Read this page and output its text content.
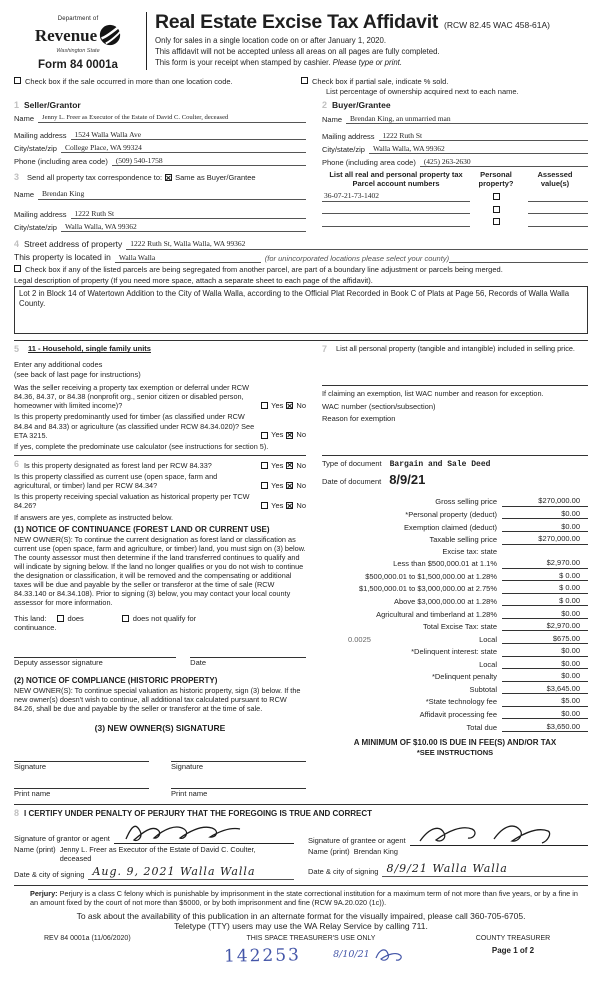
Department of
Revenue
Washington State
Form 84 0001a
Real Estate Excise Tax Affidavit (RCW 82.45 WAC 458-61A)
Only for sales in a single location code on or after January 1, 2020.
This affidavit will not be accepted unless all areas on all pages are fully completed.
This form is your receipt when stamped by cashier. Please type or print.
Check box if the sale occurred in more than one location code.	Check box if partial sale, indicate % sold.
List percentage of ownership acquired next to each name.
1 Seller/Grantor
Name	Jenny L. Freer as Executor of the Estate of David C. Coulter, deceased
Mailing address	1524 Walla Walla Ave
City/state/zip	College Place, WA 99324
Phone (including area code)	(509) 540-1758
3 Send all property tax correspondence to: × Same as Buyer/Grantee
Name	Brendan King
Mailing address	1222 Ruth St
City/state/zip	Walla Walla, WA 99362
2 Buyer/Grantee
Name	Brendan King, an unmarried man
Mailing address	1222 Ruth St
City/state/zip	Walla Walla, WA 99362
Phone (including area code)	(425) 263-2630
List all real and personal property tax
Parcel account numbers
Personal
property?
Assessed
value(s)
36-07-21-73-1402
4 Street address of property	1222 Ruth St, Walla Walla, WA 99362
This property is located in	Walla Walla	(for unincorporated locations please select your county)
Check box if any of the listed parcels are being segregated from another parcel, are part of a boundary line adjustment or parcels being merged.
Legal description of property (If you need more space, attach a separate sheet to each page of the affidavit).
Lot 2 in Block 14 of Watertown Addition to the City of Walla Walla, according to the Official Plat Recorded in Book C of Plats at Page 56, Records of Walla Walla County.
5 11 - Household, single family units
Enter any additional codes
(see back of last page for instructions)
Was the seller receiving a property tax exemption or deferral under RCW 84.36, 84.37, or 84.38 (nonprofit org., senior citizen or disabled person, homeowner with limited income)?	Yes × No
Is this property predominantly used for timber (as classified under RCW 84.84 and 84.33) or agriculture (as classified under RCW 84.34.020)? See ETA 3215.	Yes × No
If yes, complete the predominate use calculator (see instructions for section 5).
6 Is this property designated as forest land per RCW 84.33?	Yes × No
Is this property classified as current use (open space, farm and agricultural, or timber) land per RCW 84.34?	Yes × No
Is this property receiving special valuation as historical property per TCW 84.26?	Yes × No
If answers are yes, complete as instructed below.
(1) NOTICE OF CONTINUANCE (FOREST LAND OR CURRENT USE)
NEW OWNER(S): To continue the current designation as forest land or classification as current use (open space, farm and agriculture, or timber) land, you must sign on (3) below. The county assessor must then determine if the land transferred continues to qualify and will indicate by signing below. If the land no longer qualifies or you do not wish to continue the designation or classification, it will be removed and the compensating or additional taxes will be due and payable by the seller or transferor at the time of sale (RCW 84.33.140 or 84.34.108). Prior to signing (3) below, you may contact your local county assessor for more information.
This land:	does	does not qualify for
continuance.
Deputy assessor signature	Date
(2) NOTICE OF COMPLIANCE (HISTORIC PROPERTY)
NEW OWNER(S): To continue special valuation as historic property, sign (3) below. If the new owner(s) doesn't wish to continue, all additional tax calculated pursuant to RCW 84.26, shall be due and payable by the seller or transferor at the time of sale.
(3) NEW OWNER(S) SIGNATURE
Signature	Signature
Print name	Print name
7 List all personal property (tangible and intangible) included in selling price.
If claiming an exemption, list WAC number and reason for exception.
WAC number (section/subsection)
Reason for exemption
Type of document Bargain and Sale Deed
Date of document 8/9/21
Gross selling price	$270,000.00
*Personal property (deduct)	$0.00
Exemption claimed (deduct)	$0.00
Taxable selling price	$270,000.00
Excise tax: state
Less than $500,000.01 at 1.1%	$2,970.00
$500,000.01 to $1,500,000.00 at 1.28%	$ 0.00
$1,500,000.01 to $3,000,000.00 at 2.75%	$ 0.00
Above $3,000,000.00 at 1.28%	$ 0.00
Agricultural and timberland at 1.28%	$0.00
Total Excise Tax: state	$2,970.00
0.0025	Local	$675.00
*Delinquent interest: state	$0.00
Local	$0.00
*Delinquent penalty	$0.00
Subtotal	$3,645.00
*State technology fee	$5.00
Affidavit processing fee	$0.00
Total due	$3,650.00
A MINIMUM OF $10.00 IS DUE IN FEE(S) AND/OR TAX
*SEE INSTRUCTIONS
8 I CERTIFY UNDER PENALTY OF PERJURY THAT THE FOREGOING IS TRUE AND CORRECT
Signature of grantor or agent
Name (print) Jenny L. Freer as Executor of the Estate of David C. Coulter, deceased
Date & city of signing Aug. 9, 2021 Walla Walla
Signature of grantee or agent
Name (print) Brendan King
Date & city of signing 8/9/21 Walla Walla
Perjury: Perjury is a class C felony which is punishable by imprisonment in the state correctional institution for a maximum term of not more than five years, or by a fine in an amount fixed by the court of not more than $5000, or by both imprisonment and fine (RCW 9A.20.020 (1c)).
To ask about the availability of this publication in an alternate format for the visually impaired, please call 360-705-6705.
Teletype (TTY) users may use the WA Relay Service by calling 711.
REV 84 0001a (11/06/2020)	THIS SPACE TREASURER'S USE ONLY	COUNTY TREASURER
142253	8/10/21	Page 1 of 2
